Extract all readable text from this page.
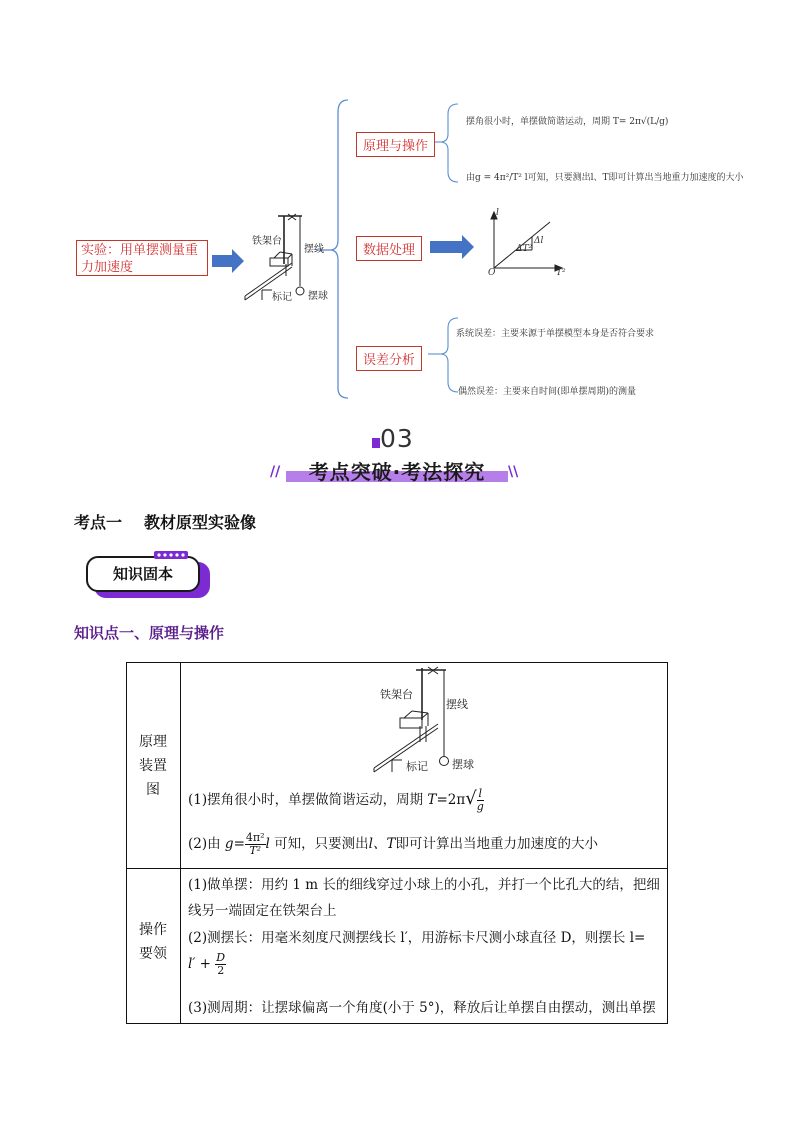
实验：用单摆测量重力加速度
铁架台
摆线
标记 摆球
原理与操作
数据处理
误差分析
摆角很小时，单摆做简谐运动，周期 T= 2π√(L/g)
由g = 4π²/T² l可知，只要测出l、T即可计算出当地重力加速度的大小
系统误差：主要来源于单摆模型本身是否符合要求
偶然误差：主要来自时间(即单摆周期)的测量
l
T²
O
Δl
ΔT²
03
考点突破·考法探究
//	\\
考点一 教材原型实验像
知识固本
知识点一、原理与操作
原理
装置
图
铁架台
摆线
标记 摆球
(1)摆角很小时，单摆做简谐运动，周期 $T=2\pi√ \frac{l}{g}$
(2)由 $g= \frac{\text{4π²}}{\text{T²}}$ l 可知，只要测出l、T即可计算出当地重力加速度的大小
操作
要领
(1)做单摆：用约 1 m 长的细线穿过小球上的小孔，并打一个比孔大的结，把细
线另一端固定在铁架台上
(2)测摆长：用毫米刻度尺测摆线长 l′，用游标卡尺测小球直径 D，则摆长 l=
$l' + \frac{D}{2}$
(3)测周期：让摆球偏离一个角度(小于 5°)，释放后让单摆自由摆动，测出单摆
